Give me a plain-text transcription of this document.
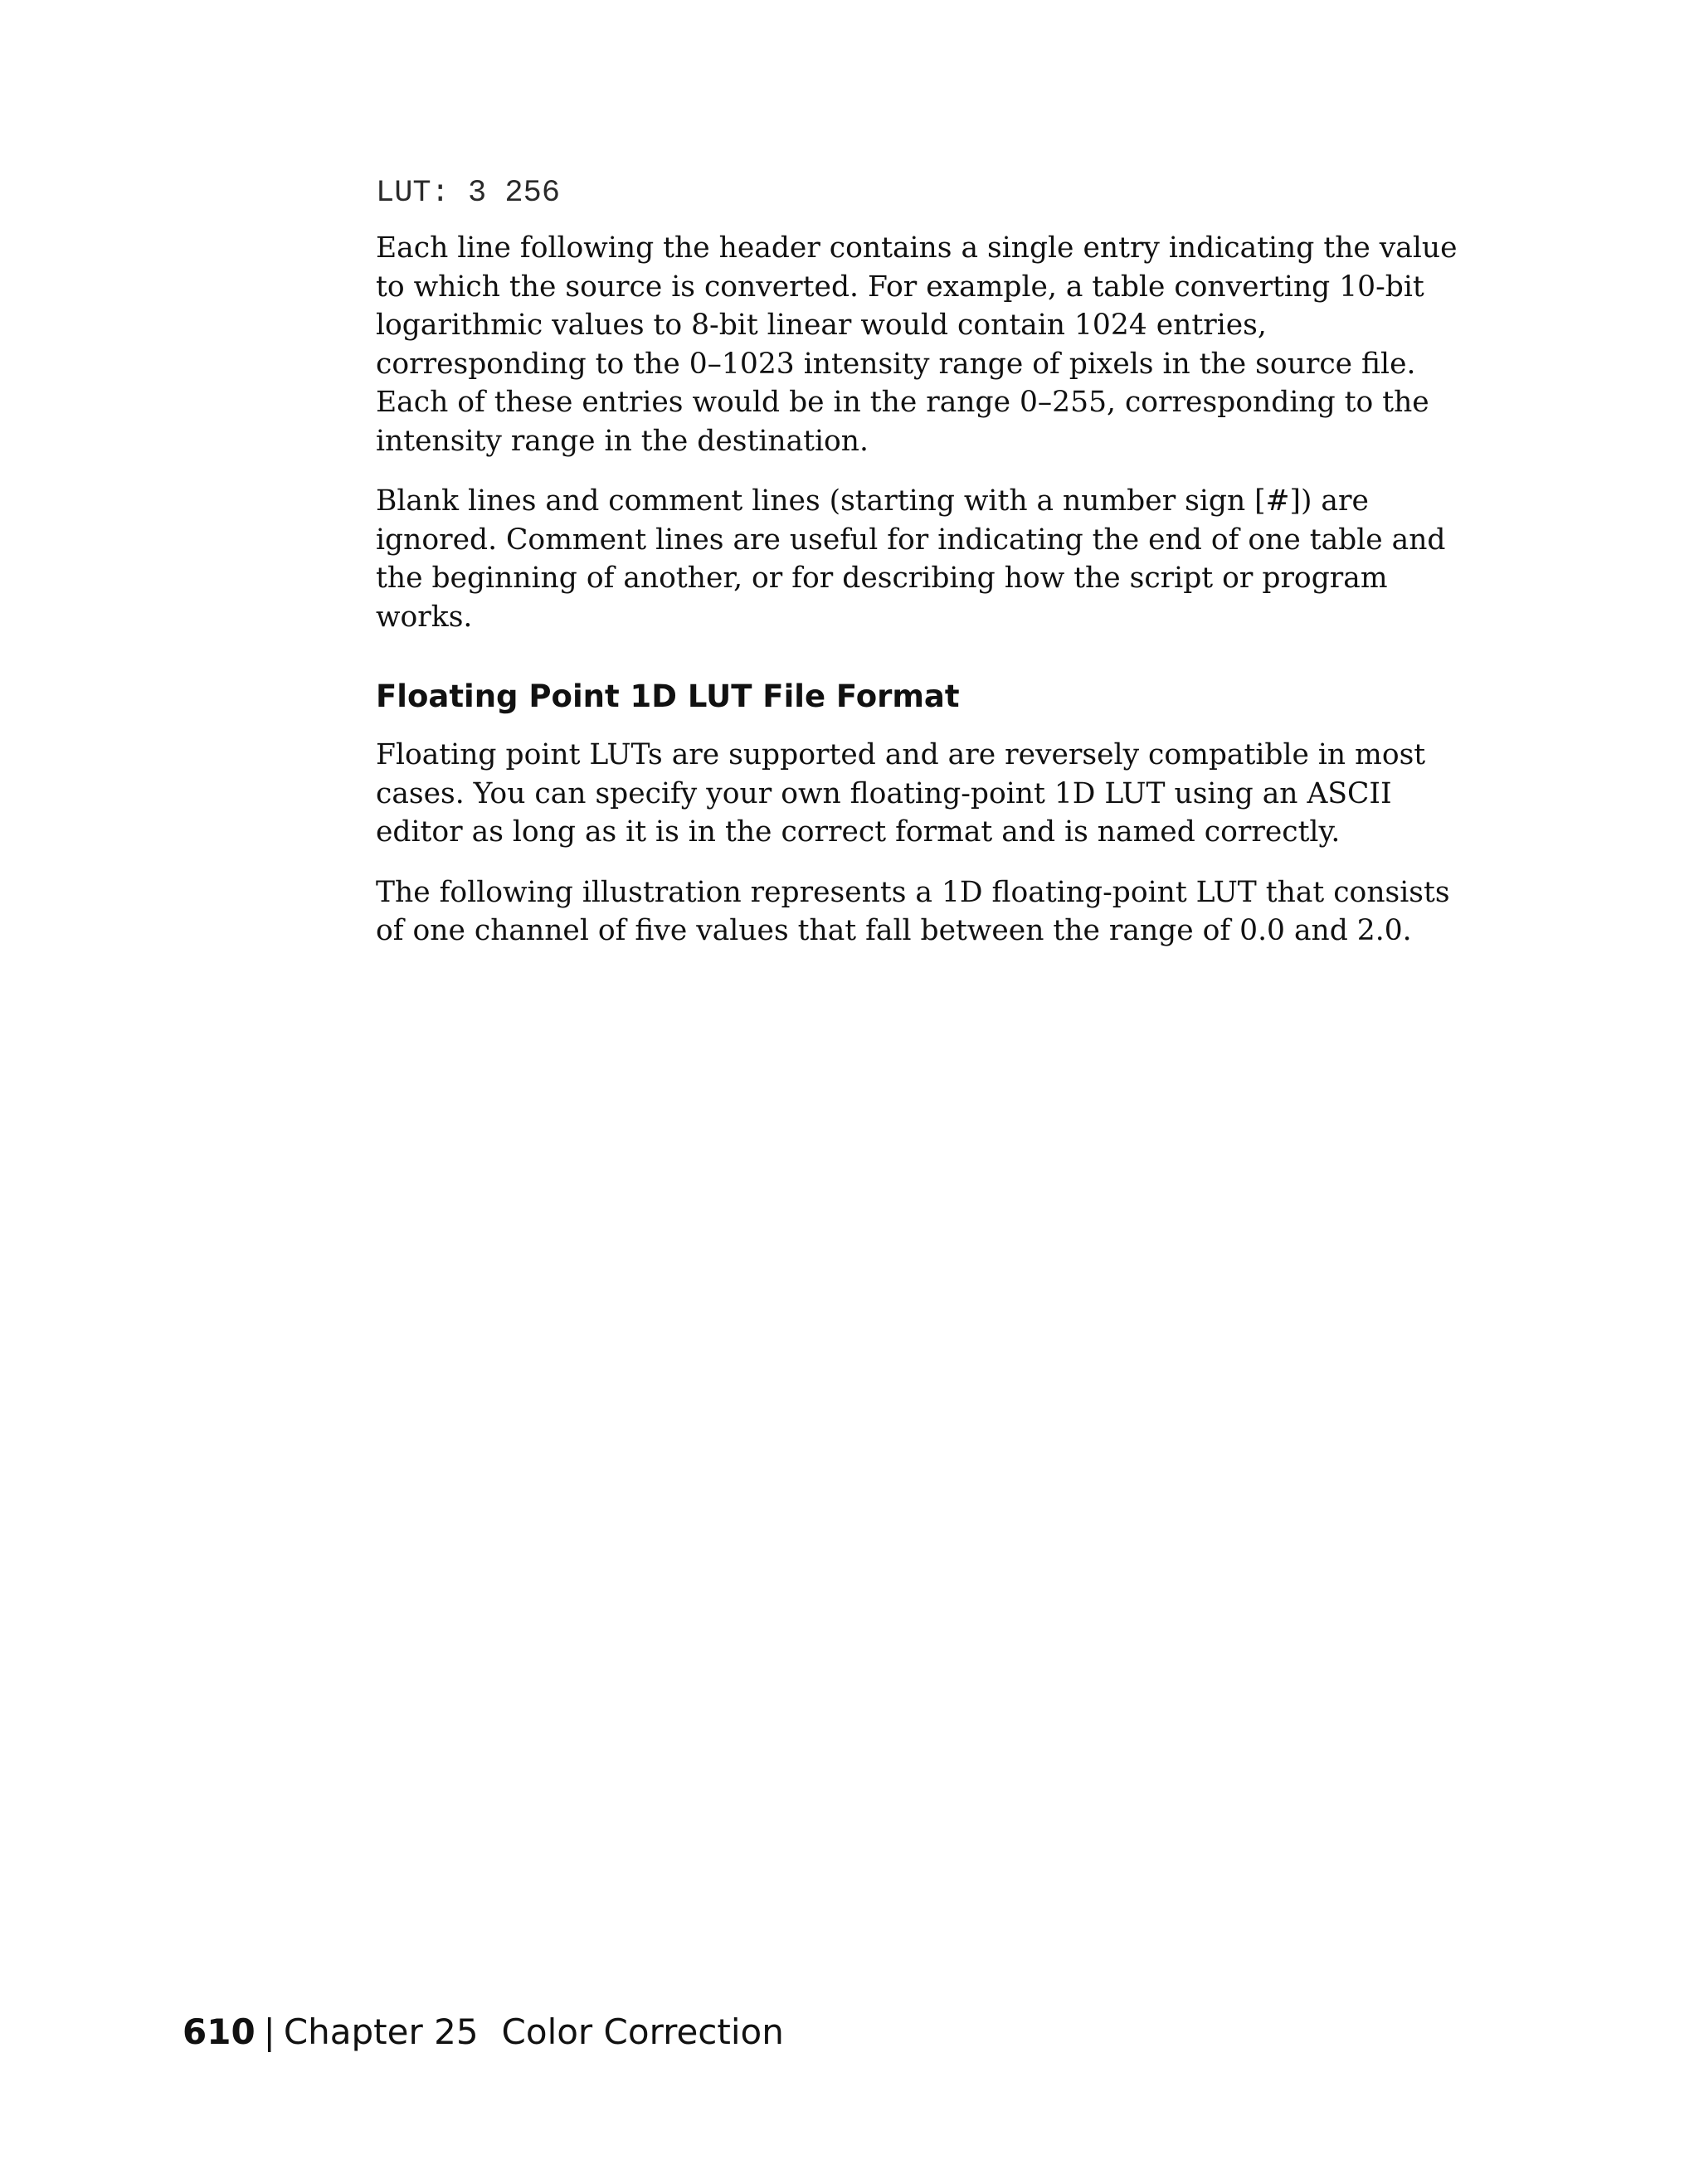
LUT: 3 256

Each line following the header contains a single entry indicating the value to which the source is converted. For example, a table converting 10-bit logarithmic values to 8-bit linear would contain 1024 entries, corresponding to the 0–1023 intensity range of pixels in the source file. Each of these entries would be in the range 0–255, corresponding to the intensity range in the destination.

Blank lines and comment lines (starting with a number sign [#]) are ignored. Comment lines are useful for indicating the end of one table and the beginning of another, or for describing how the script or program works.

Floating Point 1D LUT File Format

Floating point LUTs are supported and are reversely compatible in most cases. You can specify your own floating-point 1D LUT using an ASCII editor as long as it is in the correct format and is named correctly.

The following illustration represents a 1D floating-point LUT that consists of one channel of five values that fall between the range of 0.0 and 2.0.

610 | Chapter 25 Color Correction
